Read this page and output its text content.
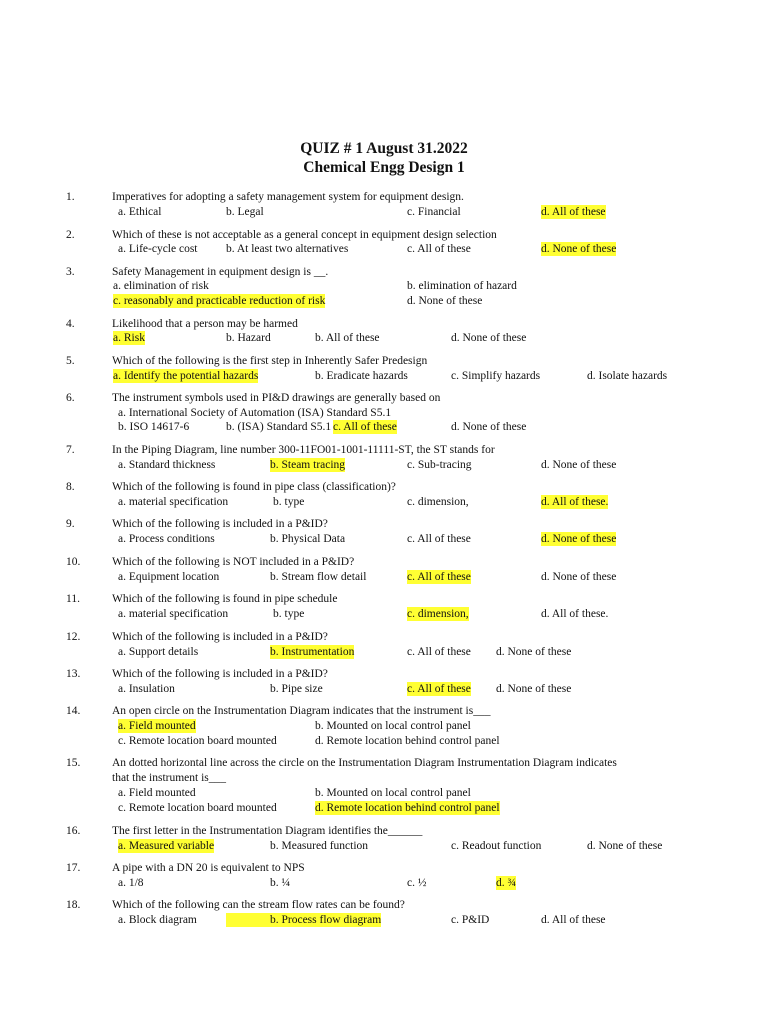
QUIZ # 1 August 31.2022
Chemical Engg Design 1
1.	Imperatives for adopting a safety management system for equipment design.
a. Ethical	b. Legal	c. Financial	d. All of these
2.	Which of these is not acceptable as a general concept in equipment design selection
a. Life-cycle cost b. At least two alternatives	c. All of these	d. None of these
3.	Safety Management in equipment design is __.
a. elimination of risk	b. elimination of hazard
c. reasonably and practicable reduction of risk	d. None of these
4.	Likelihood that a person may be harmed
a. Risk	b. Hazard	b. All of these	d. None of these
5.	Which of the following is the first step in Inherently Safer Predesign
a. Identify the potential hazards	b. Eradicate hazards	c. Simplify hazards	d. Isolate hazards
6.	The instrument symbols used in PI&D drawings are generally based on
a. International Society of Automation (ISA) Standard S5.1
b. ISO 14617-6	b. (ISA) Standard S5.1 c. All of these	d. None of these
7.	In the Piping Diagram, line number 300-11FO01-1001-11111-ST, the ST stands for
a. Standard thickness	b. Steam tracing	c. Sub-tracing	d. None of these
8.	Which of the following is found in pipe class (classification)?
a. material specification	b. type	c. dimension,	d. All of these.
9.	Which of the following is included in a P&ID?
a. Process conditions	b. Physical Data	c. All of these	d. None of these
10.	Which of the following is NOT included in a P&ID?
a. Equipment location	b. Stream flow detail	c. All of these	d. None of these
11.	Which of the following is found in pipe schedule
a. material specification	b. type	c. dimension,	d. All of these.
12.	Which of the following is included in a P&ID?
a. Support details	b. Instrumentation	c. All of these d. None of these
13.	Which of the following is included in a P&ID?
a. Insulation	b. Pipe size	c. All of these d. None of these
14.	An open circle on the Instrumentation Diagram indicates that the instrument is___
a. Field mounted	b. Mounted on local control panel
c. Remote location board mounted	d. Remote location behind control panel
15.	An dotted horizontal line across the circle on the Instrumentation Diagram Instrumentation Diagram indicates
that the instrument is___
a. Field mounted	b. Mounted on local control panel
c. Remote location board mounted	d. Remote location behind control panel
16.	The first letter in the Instrumentation Diagram identifies the______
a. Measured variable	b. Measured function	c. Readout function	d. None of these
17.	A pipe with a DN 20 is equivalent to NPS
a. 1/8	b. ¼	c. ½	d. ¾
18.	Which of the following can the stream flow rates can be found?
a. Block diagram	b. Process flow diagram	c. P&ID	d. All of these
